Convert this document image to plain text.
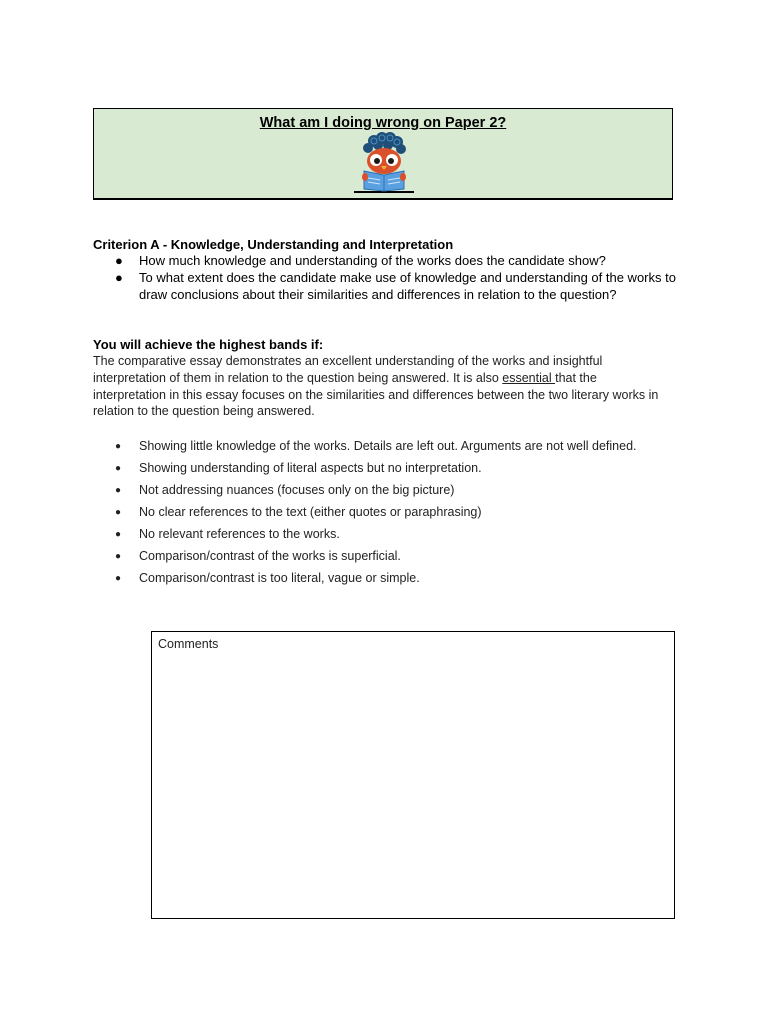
What am I doing wrong on Paper 2?
Criterion A - Knowledge, Understanding and Interpretation
● How much knowledge and understanding of the works does the candidate show?
● To what extent does the candidate make use of knowledge and understanding of the works to draw conclusions about their similarities and differences in relation to the question?
You will achieve the highest bands if:

The comparative essay demonstrates an excellent understanding of the works and insightful interpretation of them in relation to the question being answered. It is also essential that the interpretation in this essay focuses on the similarities and differences between the two literary works in relation to the question being answered.

● Showing little knowledge of the works. Details are left out. Arguments are not well defined.
● Showing understanding of literal aspects but no interpretation.
● Not addressing nuances (focuses only on the big picture)
● No clear references to the text (either quotes or paraphrasing)
● No relevant references to the works.
● Comparison/contrast of the works is superficial.
● Comparison/contrast is too literal, vague or simple.
Comments
